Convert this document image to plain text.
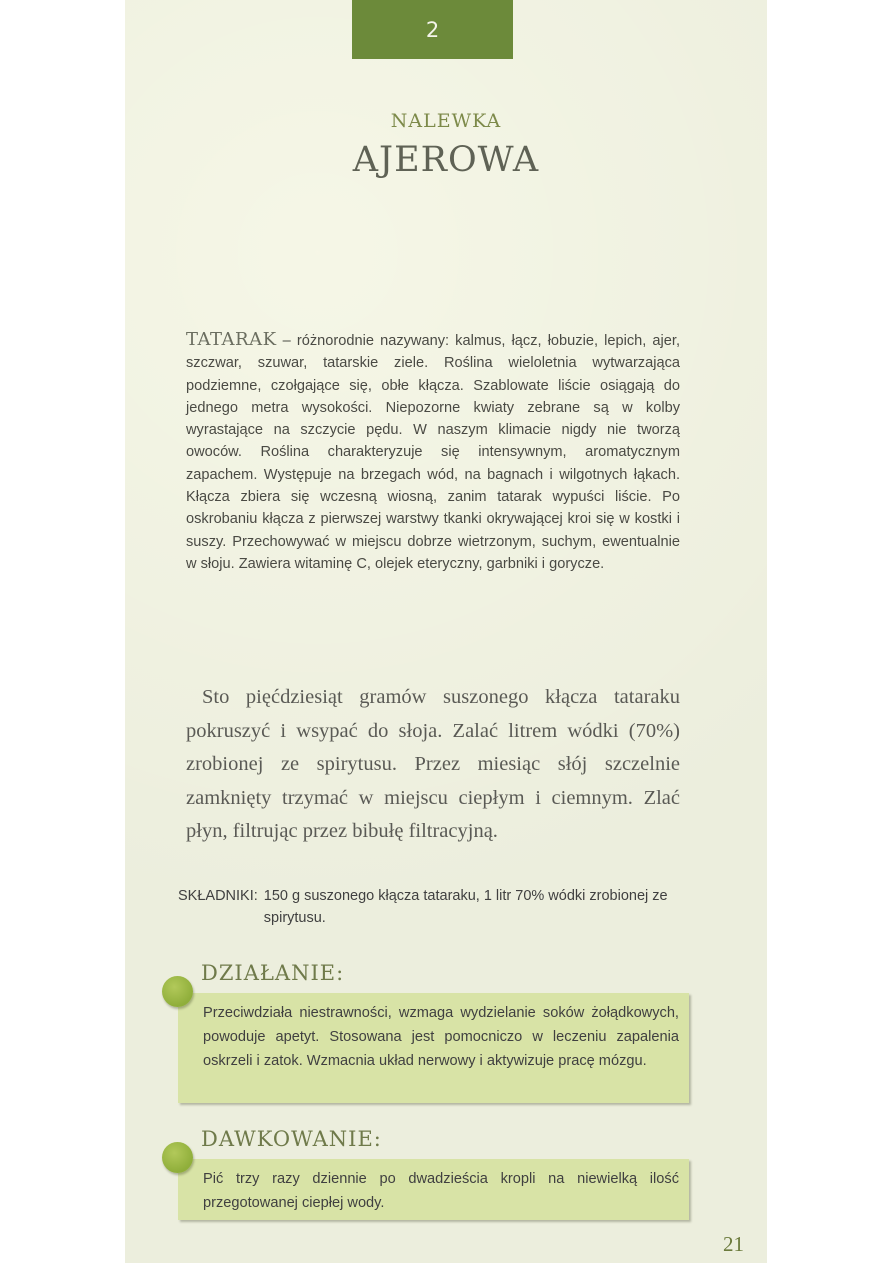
2
NALEWKA
AJEROWA

TATARAK – różnorodnie nazywany: kalmus, łącz, łobuzie, lepich, ajer, szczwar, szuwar, tatarskie ziele. Roślina wieloletnia wytwarzająca podziemne, czołgające się, obłe kłącza. Szablowate liście osiągają do jednego metra wysokości. Niepozorne kwiaty zebrane są w kolby wyrastające na szczycie pędu. W naszym klimacie nigdy nie tworzą owoców. Roślina charakteryzuje się intensywnym, aromatycznym zapachem. Występuje na brzegach wód, na bagnach i wilgotnych łąkach. Kłącza zbiera się wczesną wiosną, zanim tatarak wypuści liście. Po oskrobaniu kłącza z pierwszej warstwy tkanki okrywającej kroi się w kostki i suszy. Przechowywać w miejscu dobrze wietrzonym, suchym, ewentualnie w słoju. Zawiera witaminę C, olejek eteryczny, garbniki i gorycze.

Sto pięćdziesiąt gramów suszonego kłącza tataraku pokruszyć i wsypać do słoja. Zalać litrem wódki (70%) zrobionej ze spirytusu. Przez miesiąc słój szczelnie zamknięty trzymać w miejscu ciepłym i ciemnym. Zlać płyn, filtrując przez bibułę filtracyjną.

SKŁADNIKI: 150 g suszonego kłącza tataraku, 1 litr 70% wódki zrobionej ze spirytusu.
DZIAŁANIE:
Przeciwdziała niestrawności, wzmaga wydzielanie soków żołądkowych, powoduje apetyt. Stosowana jest pomocniczo w leczeniu zapalenia oskrzeli i zatok. Wzmacnia układ nerwowy i aktywizuje pracę mózgu.
DAWKOWANIE:
Pić trzy razy dziennie po dwadzieścia kropli na niewielką ilość przegotowanej ciepłej wody.
21
